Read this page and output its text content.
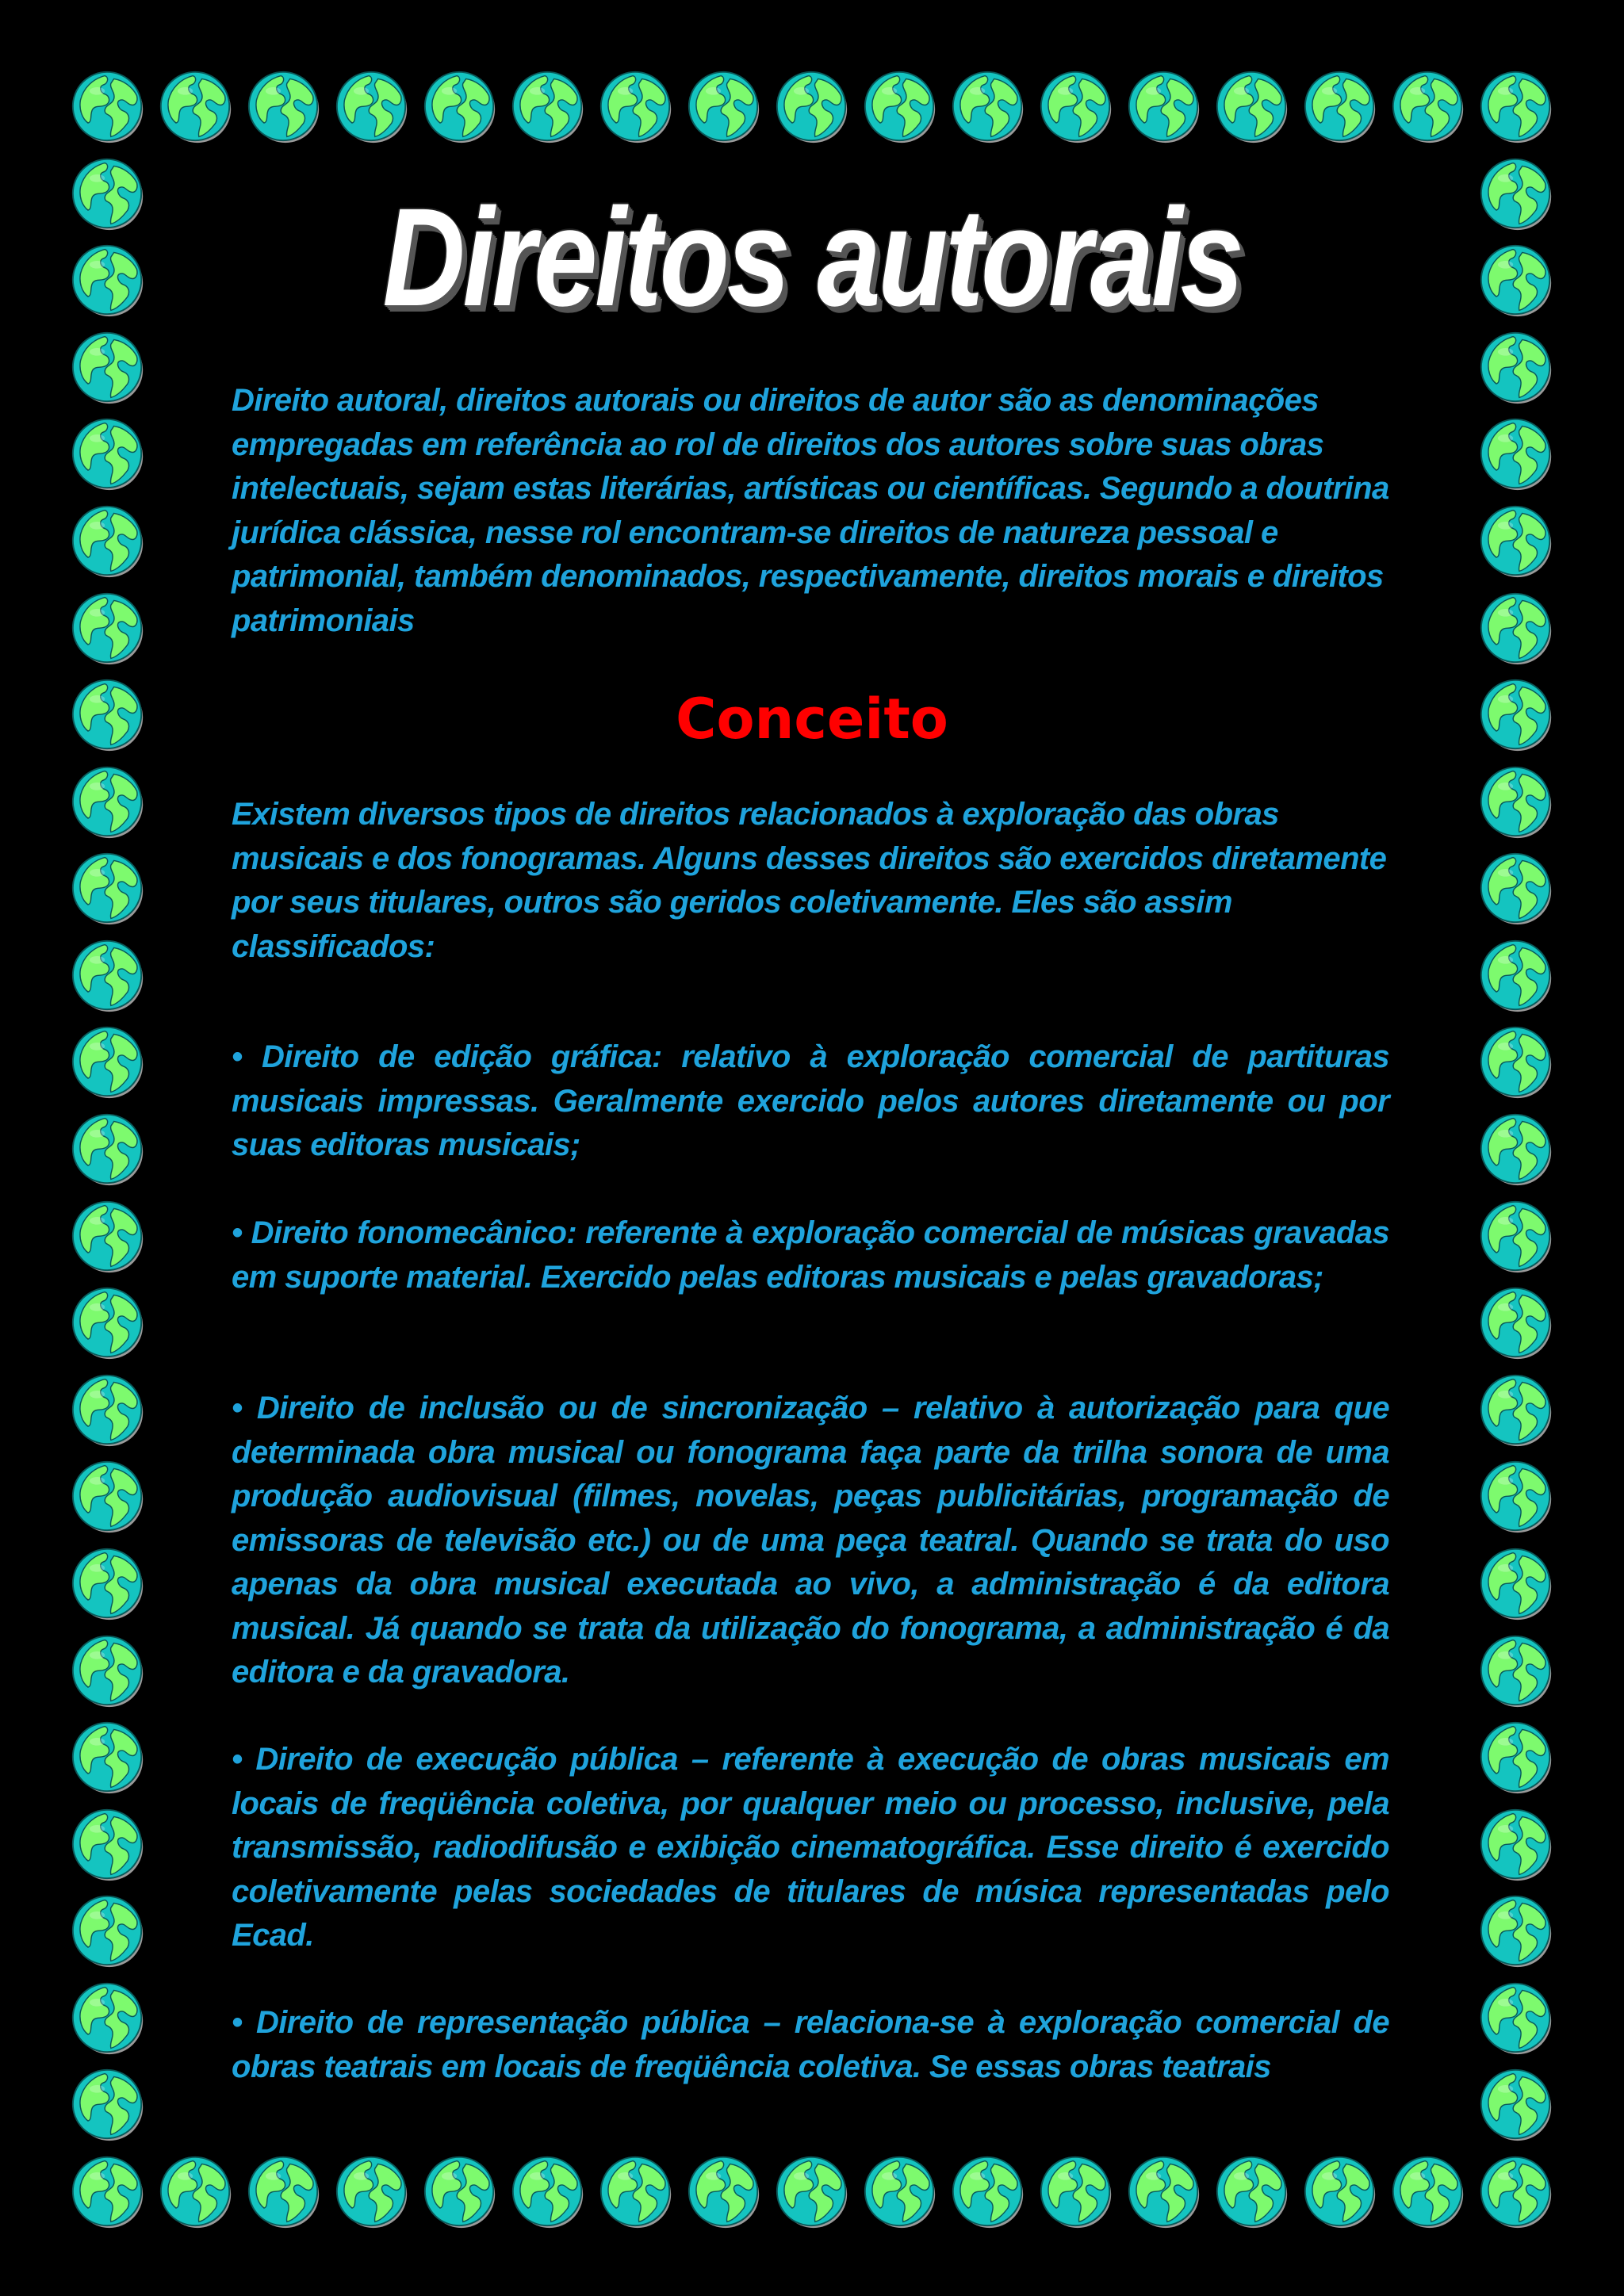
Direitos autorais

Direito autoral, direitos autorais ou direitos de autor são as denominações empregadas em referência ao rol de direitos dos autores sobre suas obras intelectuais, sejam estas literárias, artísticas ou científicas. Segundo a doutrina jurídica clássica, nesse rol encontram-se direitos de natureza pessoal e patrimonial, também denominados, respectivamente, direitos morais e direitos patrimoniais

Conceito

Existem diversos tipos de direitos relacionados à exploração das obras musicais e dos fonogramas. Alguns desses direitos são exercidos diretamente por seus titulares, outros são geridos coletivamente. Eles são assim classificados:

• Direito de edição gráfica: relativo à exploração comercial de partituras musicais impressas. Geralmente exercido pelos autores diretamente ou por suas editoras musicais;

• Direito fonomecânico: referente à exploração comercial de músicas gravadas em suporte material. Exercido pelas editoras musicais e pelas gravadoras;

• Direito de inclusão ou de sincronização – relativo à autorização para que determinada obra musical ou fonograma faça parte da trilha sonora de uma produção audiovisual (filmes, novelas, peças publicitárias, programação de emissoras de televisão etc.) ou de uma peça teatral. Quando se trata do uso apenas da obra musical executada ao vivo, a administração é da editora musical. Já quando se trata da utilização do fonograma, a administração é da editora e da gravadora.

• Direito de execução pública – referente à execução de obras musicais em locais de freqüência coletiva, por qualquer meio ou processo, inclusive, pela transmissão, radiodifusão e exibição cinematográfica. Esse direito é exercido coletivamente pelas sociedades de titulares de música representadas pelo Ecad.

• Direito de representação pública – relaciona-se à exploração comercial de obras teatrais em locais de freqüência coletiva. Se essas obras teatrais
